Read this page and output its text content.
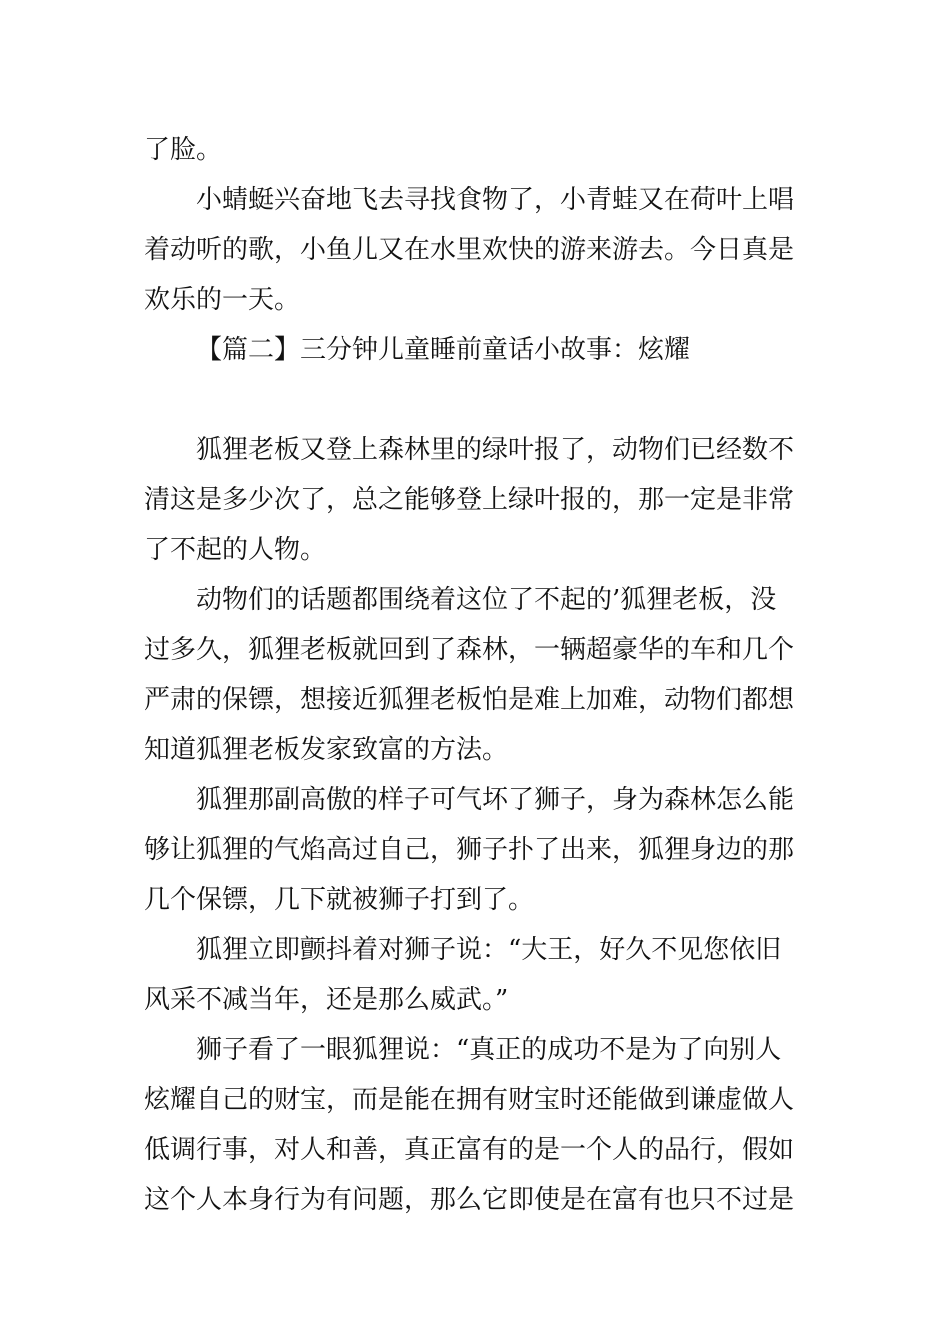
了脸。
小蜻蜓兴奋地飞去寻找食物了，小青蛙又在荷叶上唱
着动听的歌，小鱼儿又在水里欢快的游来游去。今日真是
欢乐的一天。
【篇二】三分钟儿童睡前童话小故事：炫耀
狐狸老板又登上森林里的绿叶报了，动物们已经数不
清这是多少次了，总之能够登上绿叶报的，那一定是非常
了不起的人物。
动物们的话题都围绕着这位了不起的’狐狸老板，没
过多久，狐狸老板就回到了森林，一辆超豪华的车和几个
严肃的保镖，想接近狐狸老板怕是难上加难，动物们都想
知道狐狸老板发家致富的方法。
狐狸那副高傲的样子可气坏了狮子，身为森林怎么能
够让狐狸的气焰高过自己，狮子扑了出来，狐狸身边的那
几个保镖，几下就被狮子打到了。
狐狸立即颤抖着对狮子说：“大王，好久不见您依旧
风采不减当年，还是那么威武。”
狮子看了一眼狐狸说：“真正的成功不是为了向别人
炫耀自己的财宝，而是能在拥有财宝时还能做到谦虚做人
低调行事，对人和善，真正富有的是一个人的品行，假如
这个人本身行为有问题，那么它即使是在富有也只不过是
